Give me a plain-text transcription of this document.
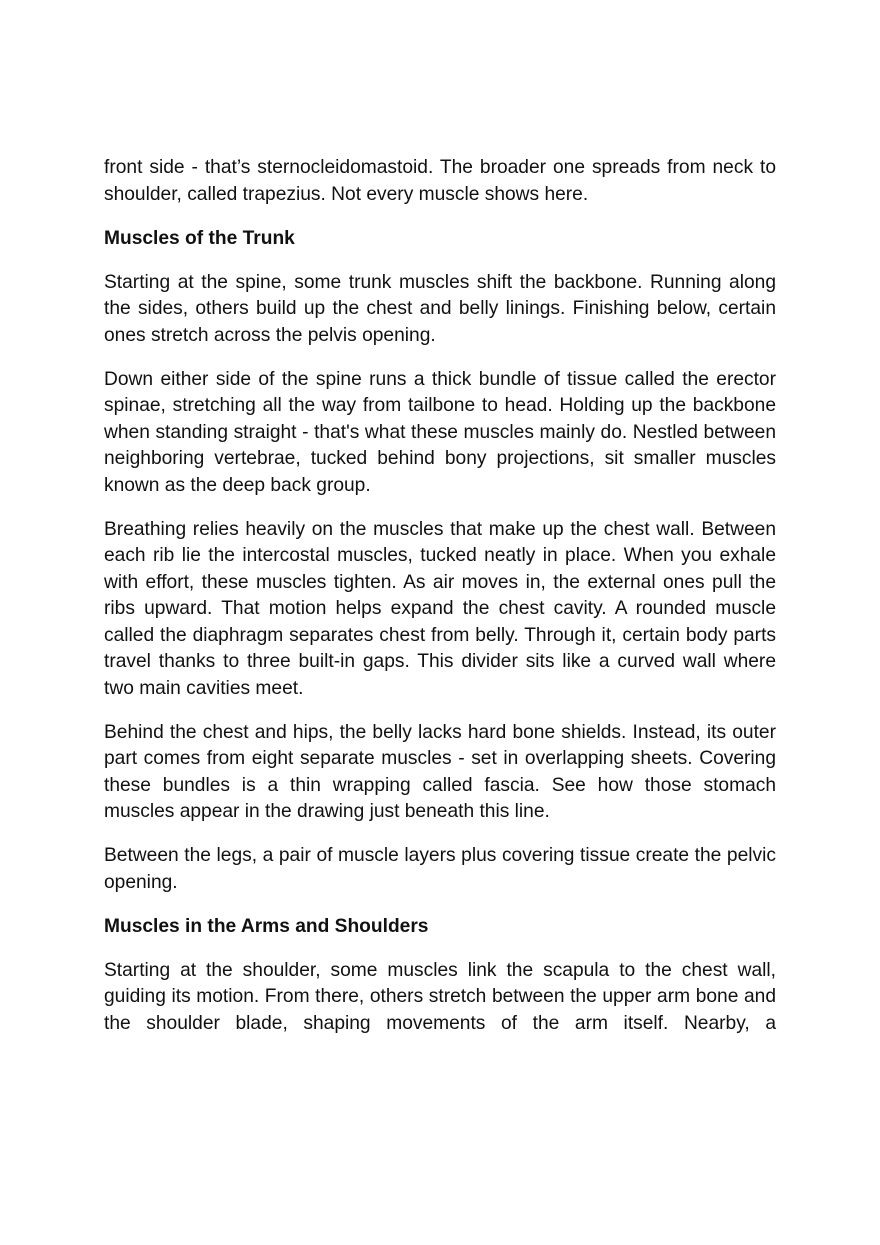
front side - that’s sternocleidomastoid. The broader one spreads from neck to shoulder, called trapezius. Not every muscle shows here.

Muscles of the Trunk

Starting at the spine, some trunk muscles shift the backbone. Running along the sides, others build up the chest and belly linings. Finishing below, certain ones stretch across the pelvis opening.

Down either side of the spine runs a thick bundle of tissue called the erector spinae, stretching all the way from tailbone to head. Holding up the backbone when standing straight - that's what these muscles mainly do. Nestled between neighboring vertebrae, tucked behind bony projections, sit smaller muscles known as the deep back group.

Breathing relies heavily on the muscles that make up the chest wall. Between each rib lie the intercostal muscles, tucked neatly in place. When you exhale with effort, these muscles tighten. As air moves in, the external ones pull the ribs upward. That motion helps expand the chest cavity. A rounded muscle called the diaphragm separates chest from belly. Through it, certain body parts travel thanks to three built-in gaps. This divider sits like a curved wall where two main cavities meet.

Behind the chest and hips, the belly lacks hard bone shields. Instead, its outer part comes from eight separate muscles - set in overlapping sheets. Covering these bundles is a thin wrapping called fascia. See how those stomach muscles appear in the drawing just beneath this line.

Between the legs, a pair of muscle layers plus covering tissue create the pelvic opening.

Muscles in the Arms and Shoulders

Starting at the shoulder, some muscles link the scapula to the chest wall, guiding its motion. From there, others stretch between the upper arm bone and the shoulder blade, shaping movements of the arm itself. Nearby, a
